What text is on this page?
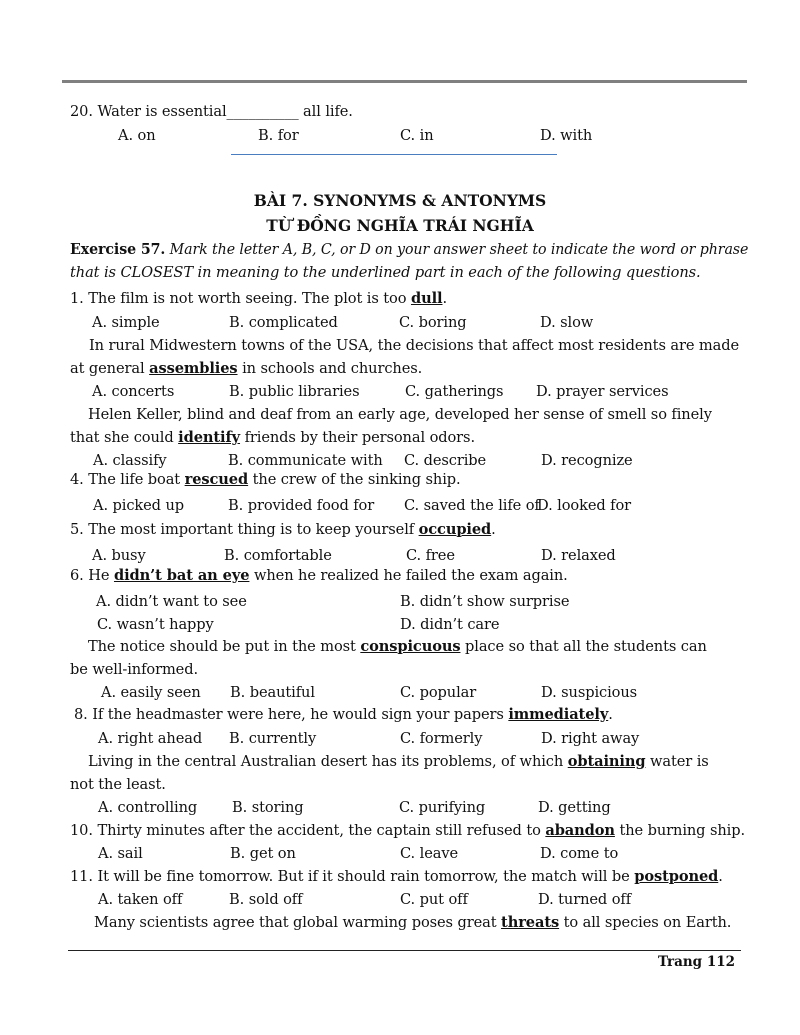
20. Water is essential__________ all life.
A. on	B. for	C. in	D. with
BÀI 7. SYNONYMS & ANTONYMS
TỪ ĐỒNG NGHĨA TRÁI NGHĨA
Exercise 57. Mark the letter A, B, C, or D on your answer sheet to indicate the word or phrase
that is CLOSEST in meaning to the underlined part in each of the following questions.
1. The film is not worth seeing. The plot is too dull.
A. simple	B. complicated	C. boring	D. slow
In rural Midwestern towns of the USA, the decisions that affect most residents are made
at general assemblies in schools and churches.
A. concerts	B. public libraries	C. gatherings D. prayer services
Helen Keller, blind and deaf from an early age, developed her sense of smell so finely
that she could identify friends by their personal odors.
A. classify	B. communicate with C. describe	D. recognize
4. The life boat rescued the crew of the sinking ship.
A. picked up	B. provided food for C. saved the life of
D. looked for
5. The most important thing is to keep yourself occupied.
A. busy	B. comfortable	C. free	D. relaxed
6. He didn’t bat an eye when he realized he failed the exam again.
A. didn’t want to see	B. didn’t show surprise
C. wasn’t happy	D. didn’t care
The notice should be put in the most conspicuous place so that all the students can
be well-informed.
A. easily seen B. beautiful	C. popular	D. suspicious
8. If the headmaster were here, he would sign your papers immediately.
A. right ahead B. currently	C. formerly	D. right away
Living in the central Australian desert has its problems, of which obtaining water is
not the least.
A. controlling B. storing	C. purifying	D. getting
10. Thirty minutes after the accident, the captain still refused to abandon the burning ship.
A. sail	B. get on	C. leave	D. come to
11. It will be fine tomorrow. But if it should rain tomorrow, the match will be postponed.
A. taken off	B. sold off	C. put off	D. turned off
Many scientists agree that global warming poses great threats to all species on Earth.
Trang 112
